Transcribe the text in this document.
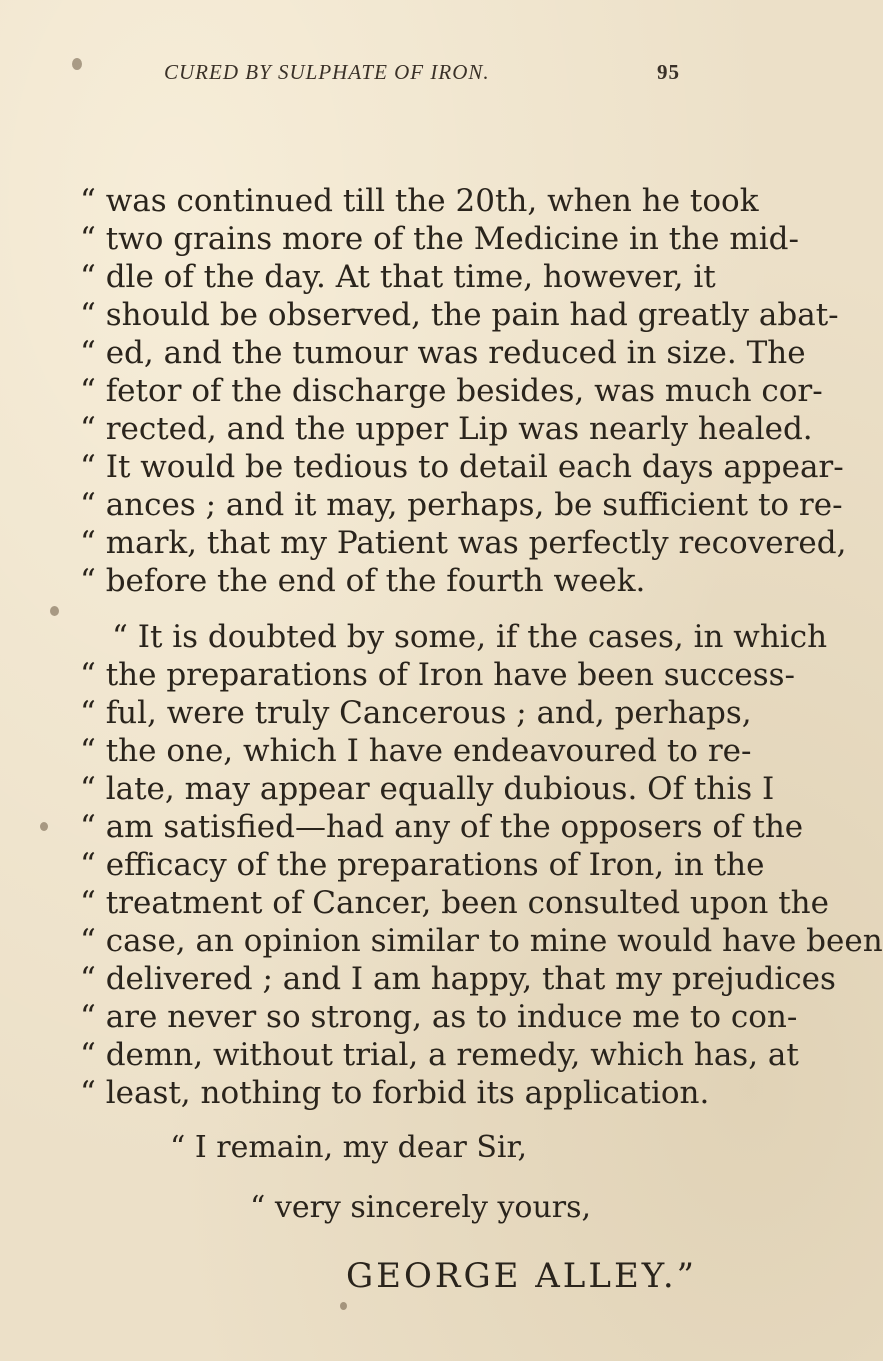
CURED BY SULPHATE OF IRON.	95
“ was continued till the 20th, when he took
“ two grains more of the Medicine in the mid-
“ dle of the day. At that time, however, it
“ should be observed, the pain had greatly abat-
“ ed, and the tumour was reduced in size. The
“ fetor of the discharge besides, was much cor-
“ rected, and the upper Lip was nearly healed.
“ It would be tedious to detail each days appear-
“ ances ; and it may, perhaps, be sufficient to re-
“ mark, that my Patient was perfectly recovered,
“ before the end of the fourth week.
“ It is doubted by some, if the cases, in which
“ the preparations of Iron have been success-
“ ful, were truly Cancerous ; and, perhaps,
“ the one, which I have endeavoured to re-
“ late, may appear equally dubious. Of this I
“ am satisfied—had any of the opposers of the
“ efficacy of the preparations of Iron, in the
“ treatment of Cancer, been consulted upon the
“ case, an opinion similar to mine would have been
“ delivered ; and I am happy, that my prejudices
“ are never so strong, as to induce me to con-
“ demn, without trial, a remedy, which has, at
“ least, nothing to forbid its application.
“ I remain, my dear Sir,
“ very sincerely yours,
GEORGE ALLEY.”
